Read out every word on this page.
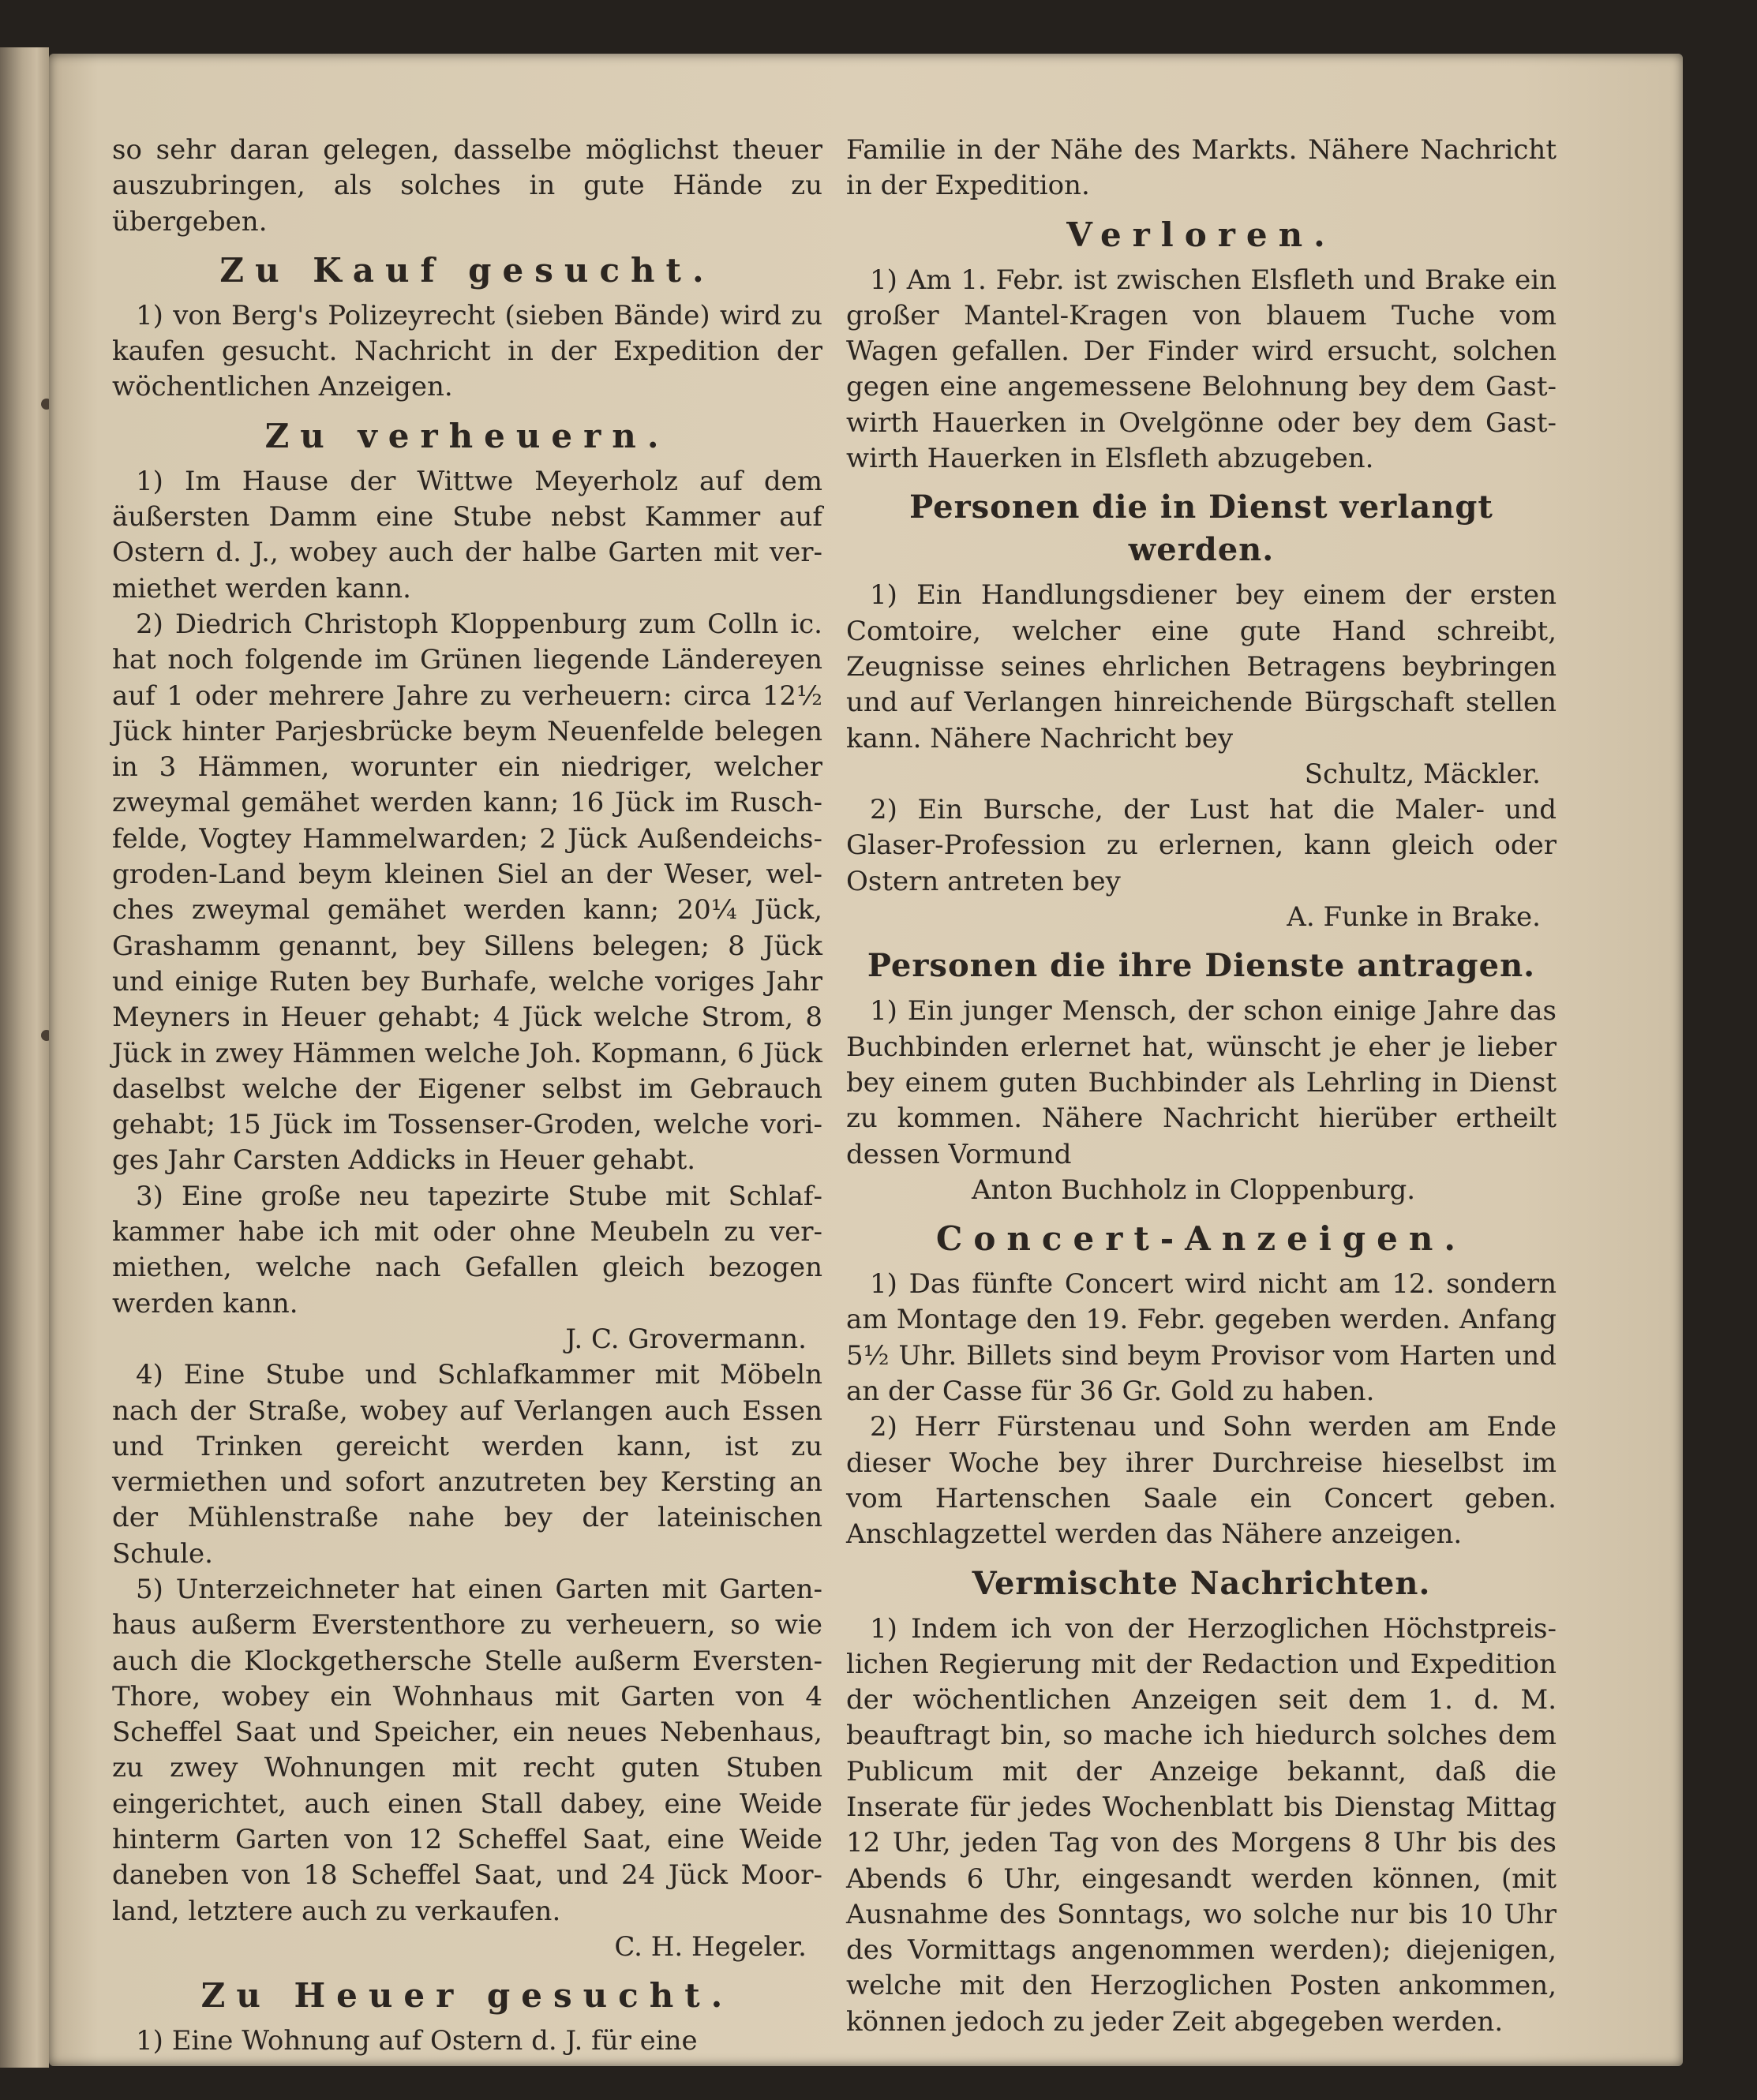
so sehr daran gelegen, dasselbe möglichst theuer auszubringen, als solches in gute Hände zu übergeben.

Zu Kauf gesucht.

1) von Berg's Polizeyrecht (sieben Bände) wird zu kaufen gesucht. Nachricht in der Expedition der wöchentlichen Anzeigen.

Zu verheuern.

1) Im Hause der Wittwe Meyerholz auf dem äußersten Damm eine Stube nebst Kammer auf Ostern d. J., wobey auch der halbe Garten mit vermiethet werden kann.

2) Diedrich Christoph Kloppenburg zum Colln ic. hat noch folgende im Grünen liegende Ländereyen auf 1 oder mehrere Jahre zu verheuern: circa 12½ Jück hinter Parjesbrücke beym Neuenfelde belegen in 3 Hämmen, worunter ein niedriger, welcher zweymal gemähet werden kann; 16 Jück im Ruschfelde, Vogtey Hammelwarden; 2 Jück Außendeichsgroden-Land beym kleinen Siel an der Weser, welches zweymal gemähet werden kann; 20¼ Jück, Grashamm genannt, bey Sillens belegen; 8 Jück und einige Ruten bey Burhafe, welche voriges Jahr Meyners in Heuer gehabt; 4 Jück welche Strom, 8 Jück in zwey Hämmen welche Joh. Kopmann, 6 Jück daselbst welche der Eigener selbst im Gebrauch gehabt; 15 Jück im Tossenser-Groden, welche voriges Jahr Carsten Addicks in Heuer gehabt.

3) Eine große neu tapezirte Stube mit Schlafkammer habe ich mit oder ohne Meubeln zu vermiethen, welche nach Gefallen gleich bezogen werden kann.

J. C. Grovermann.

4) Eine Stube und Schlafkammer mit Möbeln nach der Straße, wobey auf Verlangen auch Essen und Trinken gereicht werden kann, ist zu vermiethen und sofort anzutreten bey Kersting an der Mühlenstraße nahe bey der lateinischen Schule.

5) Unterzeichneter hat einen Garten mit Gartenhaus außerm Everstenthore zu verheuern, so wie auch die Klockgethersche Stelle außerm Eversten-Thore, wobey ein Wohnhaus mit Garten von 4 Scheffel Saat und Speicher, ein neues Nebenhaus, zu zwey Wohnungen mit recht guten Stuben eingerichtet, auch einen Stall dabey, eine Weide hinterm Garten von 12 Scheffel Saat, eine Weide daneben von 18 Scheffel Saat, und 24 Jück Moorland, letztere auch zu verkaufen.

C. H. Hegeler.

Zu Heuer gesucht.

1) Eine Wohnung auf Ostern d. J. für eine

Familie in der Nähe des Markts. Nähere Nachricht in der Expedition.

Verloren.

1) Am 1. Febr. ist zwischen Elsfleth und Brake ein großer Mantel-Kragen von blauem Tuche vom Wagen gefallen. Der Finder wird ersucht, solchen gegen eine angemessene Belohnung bey dem Gastwirth Hauerken in Ovelgönne oder bey dem Gastwirth Hauerken in Elsfleth abzugeben.

Personen die in Dienst verlangt werden.

1) Ein Handlungsdiener bey einem der ersten Comtoire, welcher eine gute Hand schreibt, Zeugnisse seines ehrlichen Betragens beybringen und auf Verlangen hinreichende Bürgschaft stellen kann. Nähere Nachricht bey

Schultz, Mäckler.

2) Ein Bursche, der Lust hat die Maler- und Glaser-Profession zu erlernen, kann gleich oder Ostern antreten bey

A. Funke in Brake.

Personen die ihre Dienste antragen.

1) Ein junger Mensch, der schon einige Jahre das Buchbinden erlernet hat, wünscht je eher je lieber bey einem guten Buchbinder als Lehrling in Dienst zu kommen. Nähere Nachricht hierüber ertheilt dessen Vormund

Anton Buchholz in Cloppenburg.

Concert-Anzeigen.

1) Das fünfte Concert wird nicht am 12. sondern am Montage den 19. Febr. gegeben werden. Anfang 5½ Uhr. Billets sind beym Provisor vom Harten und an der Casse für 36 Gr. Gold zu haben.

2) Herr Fürstenau und Sohn werden am Ende dieser Woche bey ihrer Durchreise hieselbst im vom Hartenschen Saale ein Concert geben. Anschlagzettel werden das Nähere anzeigen.

Vermischte Nachrichten.

1) Indem ich von der Herzoglichen Höchstpreislichen Regierung mit der Redaction und Expedition der wöchentlichen Anzeigen seit dem 1. d. M. beauftragt bin, so mache ich hiedurch solches dem Publicum mit der Anzeige bekannt, daß die Inserate für jedes Wochenblatt bis Dienstag Mittag 12 Uhr, jeden Tag von des Morgens 8 Uhr bis des Abends 6 Uhr, eingesandt werden können, (mit Ausnahme des Sonntags, wo solche nur bis 10 Uhr des Vormittags angenommen werden); diejenigen, welche mit den Herzoglichen Posten ankommen, können jedoch zu jeder Zeit abgegeben werden.
